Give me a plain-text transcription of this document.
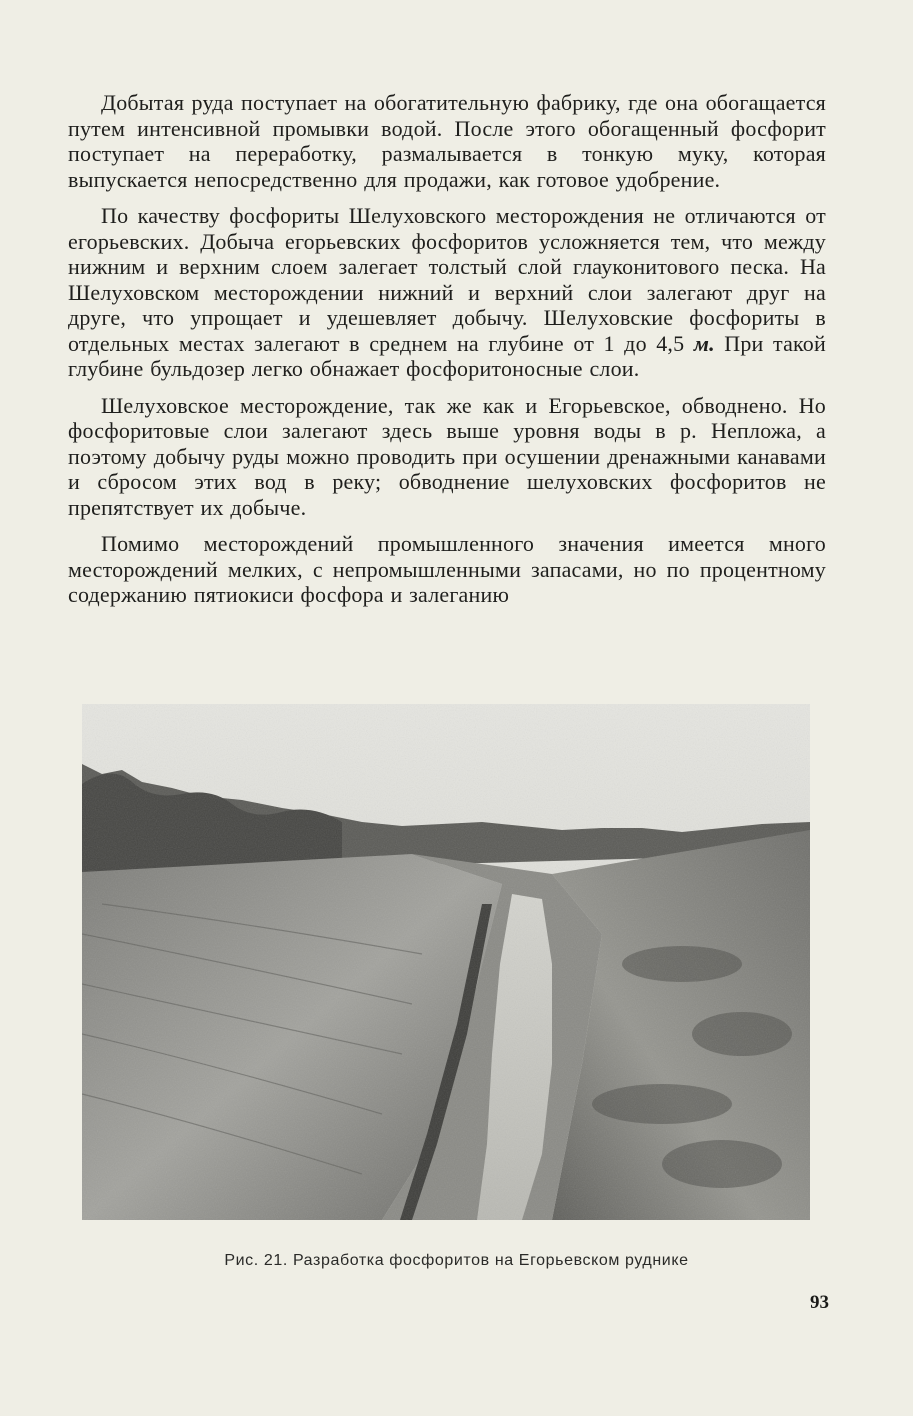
Добытая руда поступает на обогатительную фабрику, где она обогащается путем интенсивной промывки водой. После этого обогащенный фосфорит поступает на переработку, размалывается в тонкую муку, которая выпускается непосредственно для продажи, как готовое удобрение.

По качеству фосфориты Шелуховского месторождения не отличаются от егорьевских. Добыча егорьевских фосфоритов усложняется тем, что между нижним и верхним слоем залегает толстый слой глауконитового песка. На Шелуховском месторождении нижний и верхний слои залегают друг на друге, что упрощает и удешевляет добычу. Шелуховские фосфориты в отдельных местах залегают в среднем на глубине от 1 до 4,5 м. При такой глубине бульдозер легко обнажает фосфоритоносные слои.

Шелуховское месторождение, так же как и Егорьевское, обводнено. Но фосфоритовые слои залегают здесь выше уровня воды в р. Непложа, а поэтому добычу руды можно проводить при осушении дренажными канавами и сбросом этих вод в реку; обводнение шелуховских фосфоритов не препятствует их добыче.

Помимо месторождений промышленного значения имеется много месторождений мелких, с непромышленными запасами, но по процентному содержанию пятиокиси фосфора и залеганию

Рис. 21. Разработка фосфоритов на Егорьевском руднике
93
